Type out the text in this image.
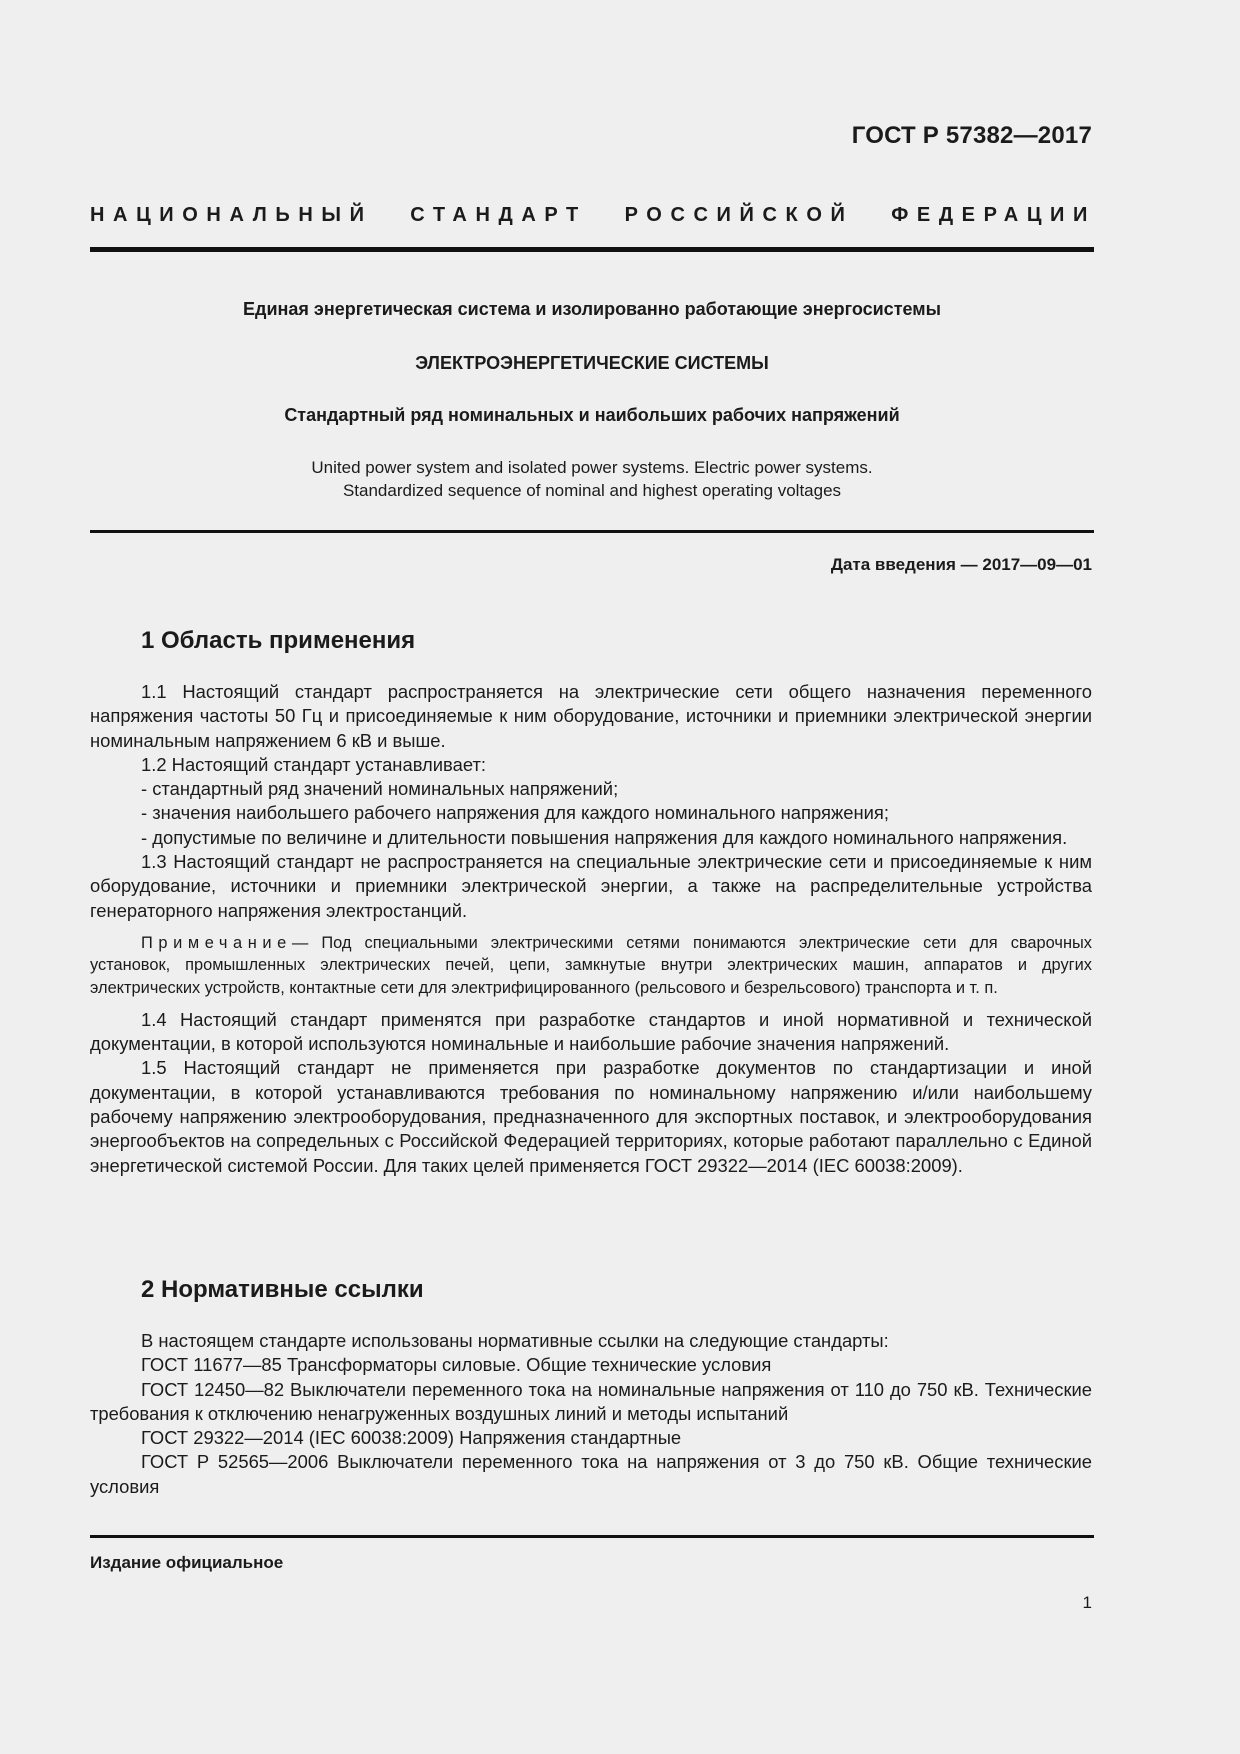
ГОСТ Р 57382—2017
НАЦИОНАЛЬНЫЙ СТАНДАРТ РОССИЙСКОЙ ФЕДЕРАЦИИ
Единая энергетическая система и изолированно работающие энергосистемы
ЭЛЕКТРОЭНЕРГЕТИЧЕСКИЕ СИСТЕМЫ
Стандартный ряд номинальных и наибольших рабочих напряжений
United power system and isolated power systems. Electric power systems.
Standardized sequence of nominal and highest operating voltages
Дата введения — 2017—09—01
1 Область применения

1.1 Настоящий стандарт распространяется на электрические сети общего назначения переменного напряжения частоты 50 Гц и присоединяемые к ним оборудование, источники и приемники электрической энергии номинальным напряжением 6 кВ и выше.

1.2 Настоящий стандарт устанавливает:

- стандартный ряд значений номинальных напряжений;

- значения наибольшего рабочего напряжения для каждого номинального напряжения;

- допустимые по величине и длительности повышения напряжения для каждого номинального напряжения.

1.3 Настоящий стандарт не распространяется на специальные электрические сети и присоединяемые к ним оборудование, источники и приемники электрической энергии, а также на распределительные устройства генераторного напряжения электростанций.

Примечание— Под специальными электрическими сетями понимаются электрические сети для сварочных установок, промышленных электрических печей, цепи, замкнутые внутри электрических машин, аппаратов и других электрических устройств, контактные сети для электрифицированного (рельсового и безрельсового) транспорта и т. п.

1.4 Настоящий стандарт применятся при разработке стандартов и иной нормативной и технической документации, в которой используются номинальные и наибольшие рабочие значения напряжений.

1.5 Настоящий стандарт не применяется при разработке документов по стандартизации и иной документации, в которой устанавливаются требования по номинальному напряжению и/или наибольшему рабочему напряжению электрооборудования, предназначенного для экспортных поставок, и электрооборудования энергообъектов на сопредельных с Российской Федерацией территориях, которые работают параллельно с Единой энергетической системой России. Для таких целей применяется ГОСТ 29322—2014 (IEC 60038:2009).

2 Нормативные ссылки

В настоящем стандарте использованы нормативные ссылки на следующие стандарты:

ГОСТ 11677—85 Трансформаторы силовые. Общие технические условия

ГОСТ 12450—82 Выключатели переменного тока на номинальные напряжения от 110 до 750 кВ. Технические требования к отключению ненагруженных воздушных линий и методы испытаний

ГОСТ 29322—2014 (IEC 60038:2009) Напряжения стандартные

ГОСТ Р 52565—2006 Выключатели переменного тока на напряжения от 3 до 750 кВ. Общие технические условия

Издание официальное
1
